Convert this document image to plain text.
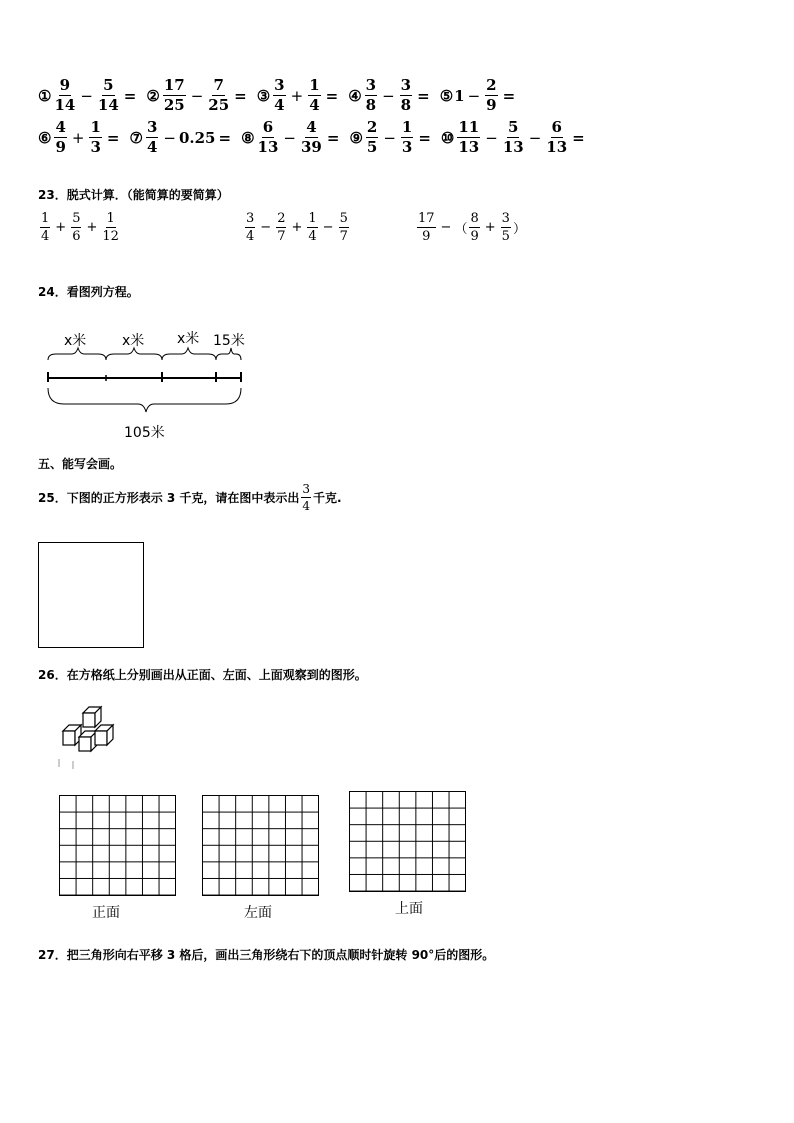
① $\frac{9}{14} - \frac{5}{14}$ = ② $\frac{17}{25} - \frac{7}{25}$ = ③ $\frac{3}{4} + \frac{1}{4}$ = ④ $\frac{3}{8} - \frac{3}{8}$ = ⑤ $1 - \frac{2}{9}$ =
⑥ $\frac{4}{9} + \frac{1}{3}$ = ⑦ $\frac{3}{4} - 0.25$ = ⑧ $\frac{6}{13} - \frac{4}{39}$ = ⑨ $\frac{2}{5} - \frac{1}{3}$ = ⑩ $\frac{11}{13} - \frac{5}{13} - \frac{6}{13}$ =
23．脱式计算．（能简算的要简算）
$\frac{1}{4} + \frac{5}{6} + \frac{1}{12}$	$\frac{3}{4} - \frac{2}{7} + \frac{1}{4} - \frac{5}{7}$	$\frac{17}{9}$ − （ $\frac{8}{9} + \frac{3}{5}$ ）
24．看图列方程。
x米	x米 x米 15米
105米
五、能写会画。
25．下图的正方形表示 3 千克，请在图中表示出 $\frac{3}{4}$ 千克.
26．在方格纸上分别画出从正面、左面、上面观察到的图形。
正面	左面	上面
27．把三角形向右平移 3 格后，画出三角形绕右下的顶点顺时针旋转 90°后的图形。
